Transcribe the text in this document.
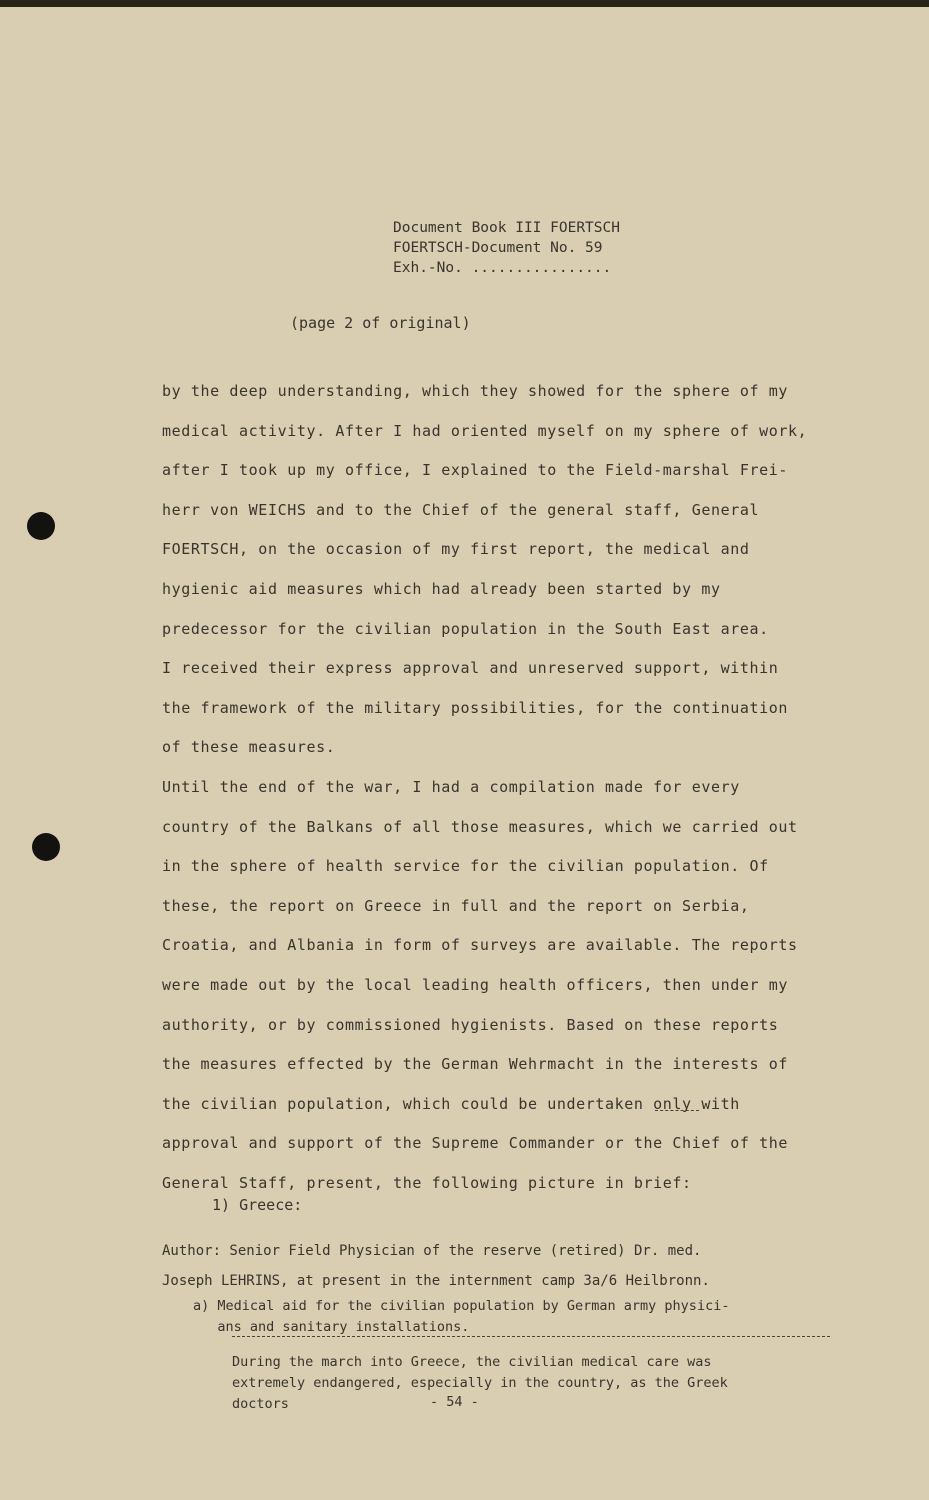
Document Book III FOERTSCH
FOERTSCH-Document No. 59
Exh.-No. ................
(page 2 of original)
by the deep understanding, which they showed for the sphere of my
medical activity. After I had oriented myself on my sphere of work,
after I took up my office, I explained to the Field-marshal Frei-
herr von WEICHS and to the Chief of the general staff, General
FOERTSCH, on the occasion of my first report, the medical and
hygienic aid measures which had already been started by my
predecessor for the civilian population in the South East area.
I received their express approval and unreserved support, within
the framework of the military possibilities, for the continuation
of these measures.
Until the end of the war, I had a compilation made for every
country of the Balkans of all those measures, which we carried out
in the sphere of health service for the civilian population. Of
these, the report on Greece in full and the report on Serbia,
Croatia, and Albania in form of surveys are available. The reports
were made out by the local leading health officers, then under my
authority, or by commissioned hygienists. Based on these reports
the measures effected by the German Wehrmacht in the interests of
the civilian population, which could be undertaken only with
approval and support of the Supreme Commander or the Chief of the
General Staff, present, the following picture in brief:
1) Greece:
Author: Senior Field Physician of the reserve (retired) Dr. med.
Joseph LEHRINS, at present in the internment camp 3a/6 Heilbronn.
a) Medical aid for the civilian population by German army physici-
ans and sanitary installations.
During the march into Greece, the civilian medical care was
extremely endangered, especially in the country, as the Greek
doctors	- 54 -
